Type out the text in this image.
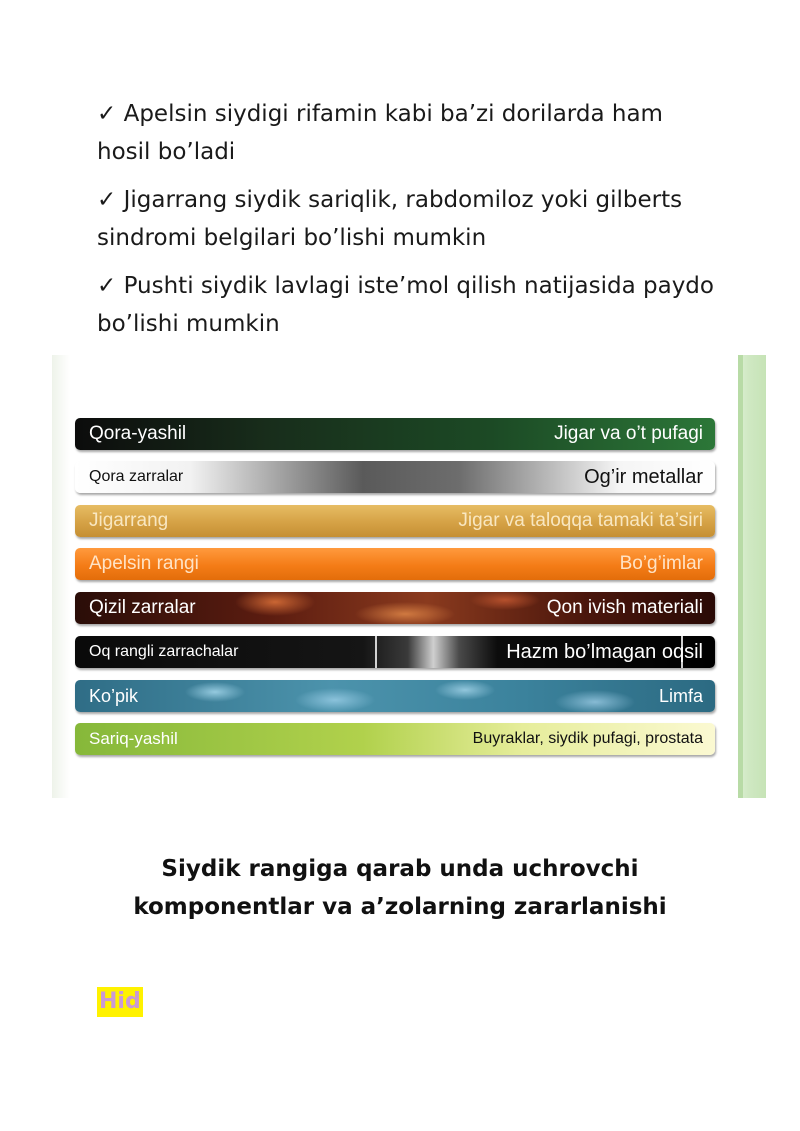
✓ Apelsin siydigi rifamin kabi ba’zi dorilarda ham
hosil bo’ladi
✓ Jigarrang siydik sariqlik, rabdomiloz yoki gilberts
sindromi belgilari bo’lishi mumkin
✓ Pushti siydik lavlagi iste’mol qilish natijasida paydo
bo’lishi mumkin
Qora-yashil	Jigar va o’t pufagi
Qora zarralar	Og’ir metallar
Jigarrang	Jigar va taloqqa tamaki ta’siri
Apelsin rangi	Bo’g’imlar
Qizil zarralar	Qon ivish materiali
Oq rangli zarrachalar	Hazm bo’lmagan oqsil
Ko’pik	Limfa
Sariq-yashil	Buyraklar, siydik pufagi, prostata
Siydik rangiga qarab unda uchrovchi
komponentlar va a’zolarning zararlanishi
Hid
